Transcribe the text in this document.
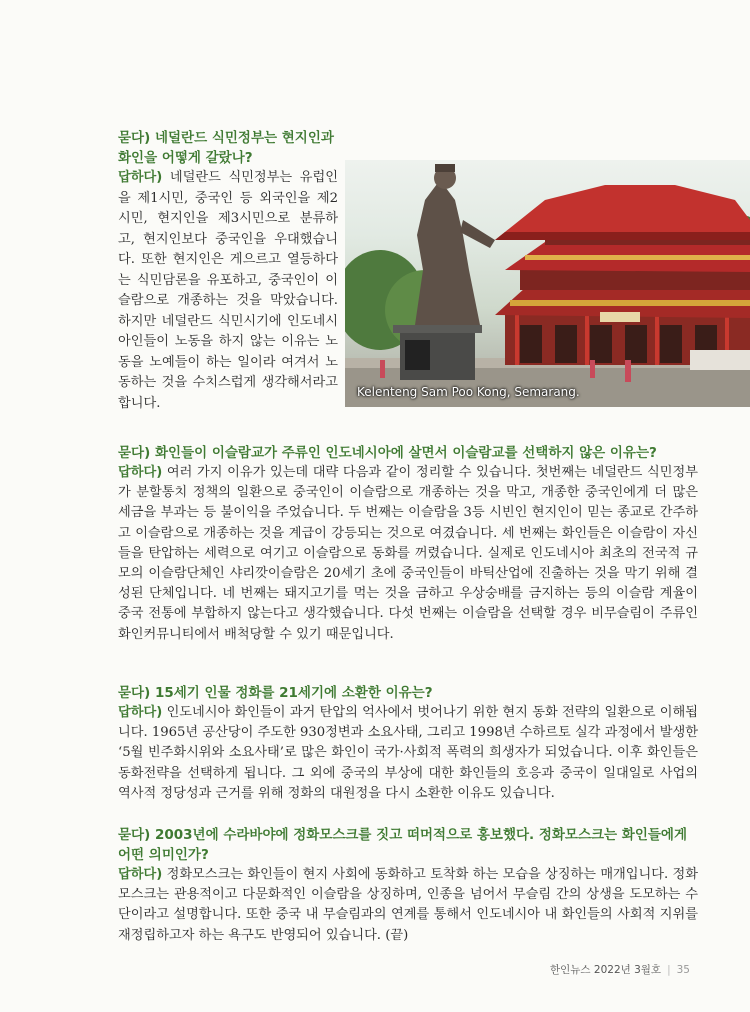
묻다) 네덜란드 식민정부는 현지인과 화인을 어떻게 갈랐나?
답하다) 네덜란드 식민정부는 유럽인을 제1시민, 중국인 등 외국인을 제2시민, 현지인을 제3시민으로 분류하고, 현지인보다 중국인을 우대했습니다. 또한 현지인은 게으르고 열등하다는 식민담론을 유포하고, 중국인이 이슬람으로 개종하는 것을 막았습니다. 하지만 네덜란드 식민시기에 인도네시아인들이 노동을 하지 않는 이유는 노동을 노예들이 하는 일이라 여겨서 노동하는 것을 수치스럽게 생각해서라고 합니다.
Kelenteng Sam Poo Kong, Semarang.
묻다) 화인들이 이슬람교가 주류인 인도네시아에 살면서 이슬람교를 선택하지 않은 이유는?
답하다) 여러 가지 이유가 있는데 대략 다음과 같이 정리할 수 있습니다. 첫번째는 네덜란드 식민정부가 분할통치 정책의 일환으로 중국인이 이슬람으로 개종하는 것을 막고, 개종한 중국인에게 더 많은 세금을 부과는 등 불이익을 주었습니다. 두 번째는 이슬람을 3등 시빈인 현지인이 믿는 종교로 간주하고 이슬람으로 개종하는 것을 계급이 강등되는 것으로 여겼습니다. 세 번째는 화인들은 이슬람이 자신들을 탄압하는 세력으로 여기고 이슬람으로 동화를 꺼렸습니다. 실제로 인도네시아 최초의 전국적 규모의 이슬람단체인 샤리깟이슬람은 20세기 초에 중국인들이 바틱산업에 진출하는 것을 막기 위해 결성된 단체입니다. 네 번째는 돼지고기를 먹는 것을 금하고 우상숭배를 금지하는 등의 이슬람 계율이 중국 전통에 부합하지 않는다고 생각했습니다. 다섯 번째는 이슬람을 선택할 경우 비무슬림이 주류인 화인커뮤니티에서 배척당할 수 있기 때문입니다.
묻다) 15세기 인물 정화를 21세기에 소환한 이유는?
답하다) 인도네시아 화인들이 과거 탄압의 억사에서 벗어나기 위한 현지 동화 전략의 일환으로 이해됩니다. 1965년 공산당이 주도한 930정변과 소요사태, 그리고 1998년 수하르토 실각 과정에서 발생한 ‘5월 빈주화시위와 소요사태’로 많은 화인이 국가·사회적 폭력의 희생자가 되었습니다. 이후 화인들은 동화전략을 선택하게 됩니다. 그 외에 중국의 부상에 대한 화인들의 호응과 중국이 일대일로 사업의 역사적 정당성과 근거를 위해 정화의 대원정을 다시 소환한 이유도 있습니다.
묻다) 2003년에 수라바야에 정화모스크를 짓고 떠머적으로 홍보했다. 정화모스크는 화인들에게 어떤 의미인가?
답하다) 정화모스크는 화인들이 현지 사회에 동화하고 토착화 하는 모습을 상징하는 매개입니다. 정화모스크는 관용적이고 다문화적인 이슬람을 상징하며, 인종을 넘어서 무슬림 간의 상생을 도모하는 수단이라고 설명합니다. 또한 중국 내 무슬림과의 연계를 통해서 인도네시아 내 화인들의 사회적 지위를 재정립하고자 하는 욕구도 반영되어 있습니다. (끝)
한인뉴스 2022년 3월호 | 35
